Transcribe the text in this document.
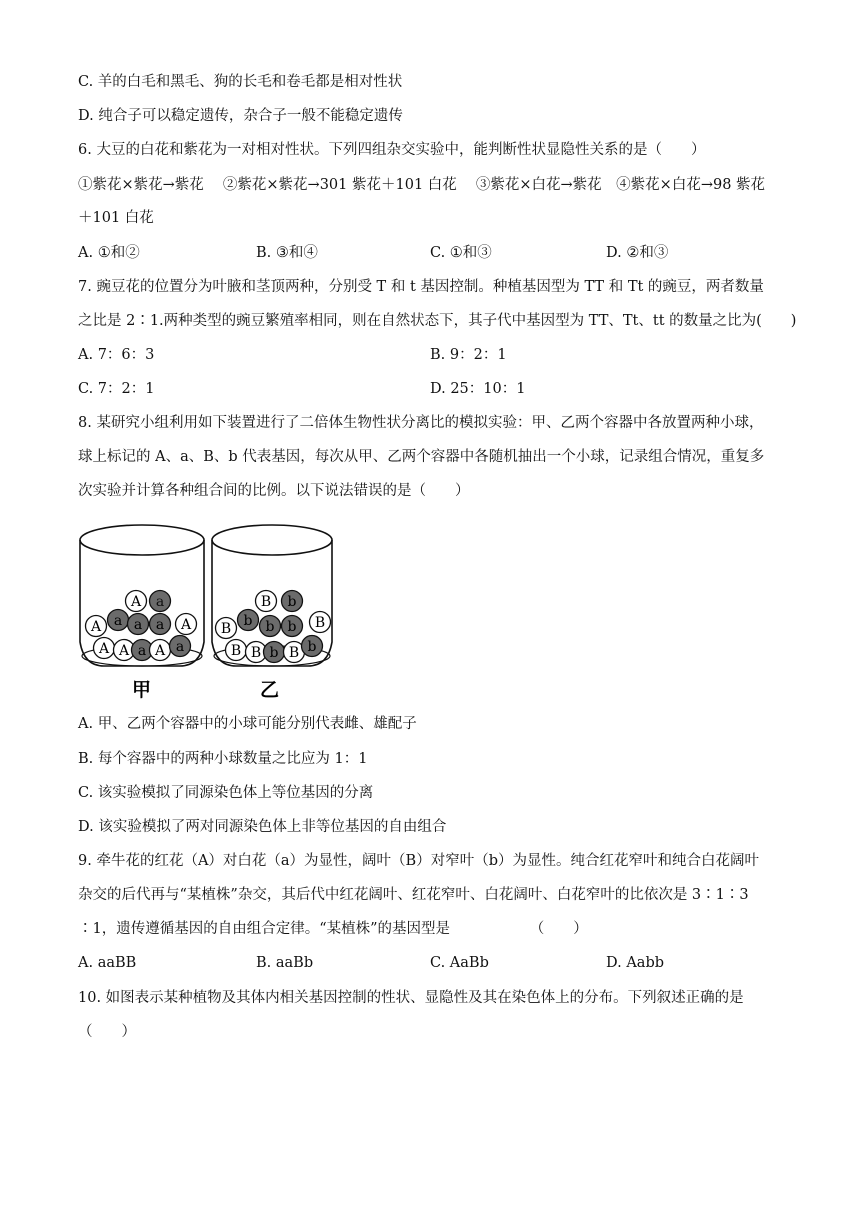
C. 羊的白毛和黑毛、狗的长毛和卷毛都是相对性状
D. 纯合子可以稳定遗传，杂合子一般不能稳定遗传
6. 大豆的白花和紫花为一对相对性状。下列四组杂交实验中，能判断性状显隐性关系的是（　　）
①紫花×紫花→紫花　 ②紫花×紫花→301 紫花＋101 白花　 ③紫花×白花→紫花　④紫花×白花→98 紫花
＋101 白花
A. ①和②	B. ③和④	C. ①和③	D. ②和③
7. 豌豆花的位置分为叶腋和茎顶两种，分别受 T 和 t 基因控制。种植基因型为 TT 和 Tt 的豌豆，两者数量
之比是 2∶1.两种类型的豌豆繁殖率相同，则在自然状态下，其子代中基因型为 TT、Tt、tt 的数量之比为(　　)
A. 7：6：3	B. 9：2：1
C. 7：2：1	D. 25：10：1
8. 某研究小组利用如下装置进行了二倍体生物性状分离比的模拟实验：甲、乙两个容器中各放置两种小球，
球上标记的 A、a、B、b 代表基因，每次从甲、乙两个容器中各随机抽出一个小球，记录组合情况，重复多
次实验并计算各种组合间的比例。以下说法错误的是（　　）
A a
A a a a A
A A a A a
B b
B b b b B
B B b B b
甲	乙
A. 甲、乙两个容器中的小球可能分别代表雌、雄配子
B. 每个容器中的两种小球数量之比应为 1：1
C. 该实验模拟了同源染色体上等位基因的分离
D. 该实验模拟了两对同源染色体上非等位基因的自由组合
9. 牵牛花的红花（A）对白花（a）为显性，阔叶（B）对窄叶（b）为显性。纯合红花窄叶和纯合白花阔叶
杂交的后代再与“某植株”杂交，其后代中红花阔叶、红花窄叶、白花阔叶、白花窄叶的比依次是 3∶1∶3
∶1，遗传遵循基因的自由组合定律。“某植株”的基因型是　　　　　　（　　）
A. aaBB	B. aaBb	C. AaBb	D. Aabb
10. 如图表示某种植物及其体内相关基因控制的性状、显隐性及其在染色体上的分布。下列叙述正确的是
（　　）
